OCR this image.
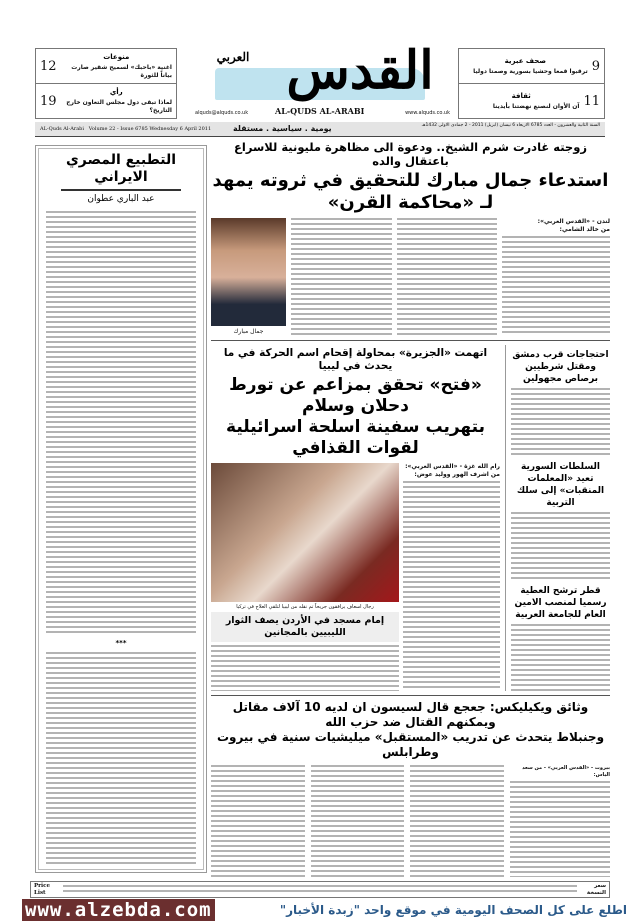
منوعات
اغنية «باحبك» لسميح شقير صارت بياناً للثورة
12
رأي
لماذا تبقى دول مجلس التعاون خارج التاريخ؟
19
القدس
العربي
alquds@alquds.co.uk	AL-QUDS AL-ARABI	www.alquds.co.uk
9
صحف عبرية
ترقبوا قمعا وحشيا بسورية وصمتا دوليا
11
ثقافة
آن الأوان لنصنع نهضتنا بأيدينا
AL-Quds Al-Arabi   Volume 22 - Issue 6785 Wednesday 6 April 2011	يومية . سياسية . مستقلة	السنة الثانية والعشرون - العدد 6785 الاربعاء 6 نيسان (ابريل) 2011 - 2 جمادى الاولى 1432هـ
التطبيع المصري الايراني
عبد الباري عطوان
***
زوجته غادرت شرم الشيخ.. ودعوة الى مظاهرة مليونية للاسراع باعتقال والده
استدعاء جمال مبارك للتحقيق في ثروته يمهد لـ «محاكمة القرن»
جمال مبارك
لندن - «القدس العربي»:
من خالد الشامي:
اتهمت «الجزيرة» بمحاولة إقحام اسم الحركة في ما يحدث في ليبيا
«فتح» تحقق بمزاعم عن تورط دحلان وسلام
بتهريب سفينة اسلحة اسرائيلية لقوات القذافي
رجال اسعاف يرافقون جريحاً تم نقله من ليبيا لتلقي العلاج في تركيا
إمام مسجد في الأردن يصف الثوار الليبيين بالمجانين
رام الله غزة - «القدس العربي»:
من اشرف الهور ووليد عوض:
احتجاجات قرب دمشق ومقتل شرطيين برصاص مجهولين
السلطات السورية تعيد «المعلمات المنقبات» إلى سلك التربية
قطر ترشح العطية رسميا لمنصب الامين العام للجامعة العربية
وثائق ويكيليكس: جعجع قال لسيسون ان لديه 10 آلاف مقاتل ويمكنهم القتال ضد حزب الله
وجنبلاط يتحدث عن تدريب «المستقبل» ميليشيات سنية في بيروت وطرابلس
بيروت - «القدس العربي» - من سعد الياس:
Price List
سعر النسخة
www.alzebda.com	اطلع على كل الصحف اليومية في موقع واحد "زبدة الأخبار"
